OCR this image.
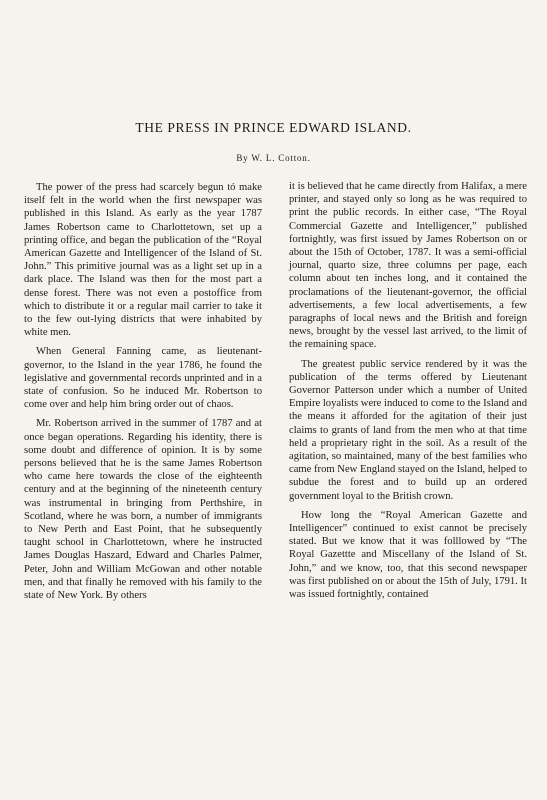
THE PRESS IN PRINCE EDWARD ISLAND.
By W. L. Cotton.

The power of the press had scarcely begun tó make itself felt in the world when the first newspaper was published in this Island. As early as the year 1787 James Robertson came to Charlottetown, set up a printing office, and began the publication of the “Royal American Gazette and Intelligencer of the Island of St. John.” This primitive journal was as a light set up in a dark place. The Island was then for the most part a dense forest. There was not even a postoffice from which to distribute it or a regular mail carrier to take it to the few out-lying districts that were inhabited by white men.

When General Fanning came, as lieutenant-governor, to the Island in the year 1786, he found the legislative and governmental records unprinted and in a state of confusion. So he induced Mr. Robertson to come over and help him bring order out of chaos.

Mr. Robertson arrived in the summer of 1787 and at once began operations. Regarding his identity, there is some doubt and difference of opinion. It is by some persons believed that he is the same James Robertson who came here towards the close of the eighteenth century and at the beginning of the nineteenth century was instrumental in bringing from Perthshire, in Scotland, where he was born, a number of immigrants to New Perth and East Point, that he subsequently taught school in Charlottetown, where he instructed James Douglas Haszard, Edward and Charles Palmer, Peter, John and William McGowan and other notable men, and that finally he removed with his family to the state of New York. By others

it is believed that he came directly from Halifax, a mere printer, and stayed only so long as he was required to print the public records. In either case, “The Royal Commercial Gazette and Intelligencer,” published fortnightly, was first issued by James Robertson on or about the 15th of October, 1787. It was a semi-official journal, quarto size, three columns per page, each column about ten inches long, and it contained the proclamations of the lieutenant-governor, the official advertisements, a few local advertisements, a few paragraphs of local news and the British and foreign news, brought by the vessel last arrived, to the limit of the remaining space.

The greatest public service rendered by it was the publication of the terms offered by Lieutenant Governor Patterson under which a number of United Empire loyalists were induced to come to the Island and the means it afforded for the agitation of their just claims to grants of land from the men who at that time held a proprietary right in the soil. As a result of the agitation, so maintained, many of the best families who came from New England stayed on the Island, helped to subdue the forest and to build up an ordered government loyal to the British crown.

How long the “Royal American Gazette and Intelligencer” continued to exist cannot be precisely stated. But we know that it was folllowed by “The Royal Gazettte and Miscellany of the Island of St. John,” and we know, too, that this second newspaper was first published on or about the 15th of July, 1791. It was issued fortnightly, contained
